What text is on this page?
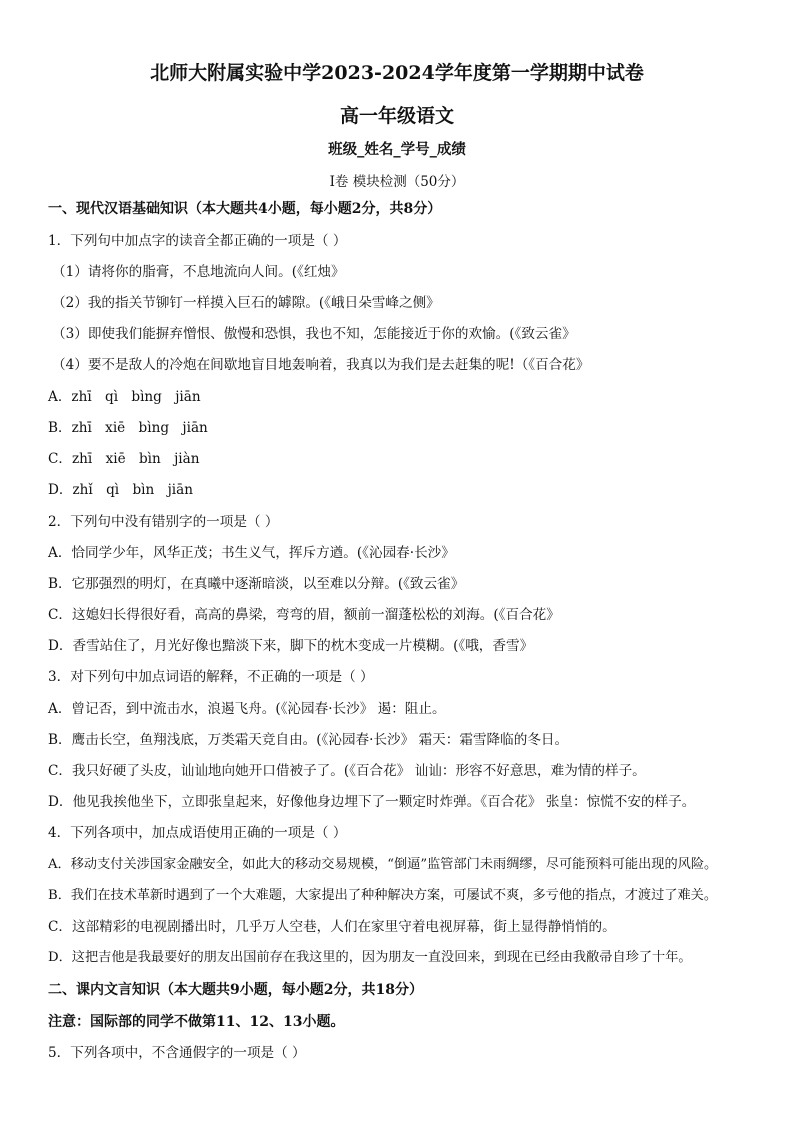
北师大附属实验中学2023-2024学年度第一学期期中试卷
高一年级语文
班级_姓名_学号_成绩
I卷 模块检测（50分）
一、现代汉语基础知识（本大题共4小题，每小题2分，共8分）
1．下列句中加点字的读音全都正确的一项是（ ）
（1）请将你的脂膏，不息地流向人间。(《红烛》
（2）我的指关节铆钉一样摸入巨石的罅隙。(《峨日朵雪峰之侧》
（3）即使我们能摒弃憎恨、傲慢和恐惧，我也不知，怎能接近于你的欢愉。(《致云雀》
（4）要不是敌人的冷炮在间歇地盲目地轰响着，我真以为我们是去赶集的呢!（《百合花》
A．zhī qì bìng jiān
B．zhī xiē bìng jiān
C．zhī xiē bìn jiàn
D．zhǐ qì bìn jiān
2．下列句中没有错别字的一项是（ ）
A．恰同学少年，风华正茂；书生义气，挥斥方遒。(《沁园春·长沙》
B．它那强烈的明灯，在真曦中逐渐暗淡，以至难以分辩。(《致云雀》
C．这媳妇长得很好看，高高的鼻梁，弯弯的眉，额前一溜蓬松松的刘海。(《百合花》
D．香雪站住了，月光好像也黯淡下来，脚下的枕木变成一片模糊。(《哦，香雪》
3．对下列句中加点词语的解释，不正确的一项是（ ）
A．曾记否，到中流击水，浪遏飞舟。(《沁园春·长沙》 遏：阻止。
B．鹰击长空，鱼翔浅底，万类霜天竞自由。(《沁园春·长沙》 霜天：霜雪降临的冬日。
C．我只好硬了头皮，讪讪地向她开口借被子了。(《百合花》 讪讪：形容不好意思，难为情的样子。
D．他见我挨他坐下，立即张皇起来，好像他身边埋下了一颗定时炸弹。《百合花》 张皇：惊慌不安的样子。
4．下列各项中，加点成语使用正确的一项是（ ）
A．移动支付关涉国家金融安全，如此大的移动交易规模，“倒逼”监管部门未雨绸缪，尽可能预料可能出现的风险。
B．我们在技术革新时遇到了一个大难题，大家提出了种种解决方案，可屡试不爽，多亏他的指点，才渡过了难关。
C．这部精彩的电视剧播出时，几乎万人空巷，人们在家里守着电视屏幕，街上显得静悄悄的。
D．这把吉他是我最要好的朋友出国前存在我这里的，因为朋友一直没回来，到现在已经由我敝帚自珍了十年。
二、课内文言知识（本大题共9小题，每小题2分，共18分）
注意：国际部的同学不做第11、12、13小题。
5．下列各项中，不含通假字的一项是（ ）
